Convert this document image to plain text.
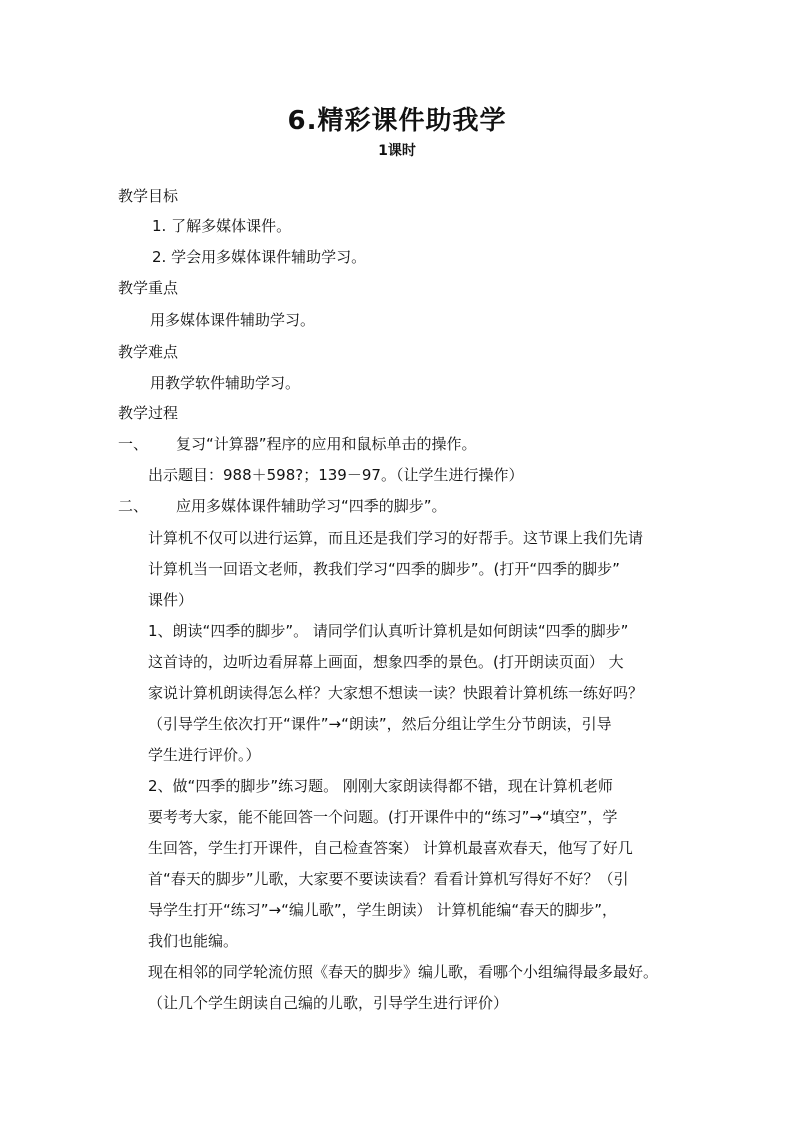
6.精彩课件助我学
1课时
教学目标
1. 了解多媒体课件。
2. 学会用多媒体课件辅助学习。
教学重点
用多媒体课件辅助学习。
教学难点
用教学软件辅助学习。
教学过程
一、 复习“计算器”程序的应用和鼠标单击的操作。
出示题目：988＋598?；139－97。（让学生进行操作）
二、 应用多媒体课件辅助学习“四季的脚步”。
计算机不仅可以进行运算，而且还是我们学习的好帮手。这节课上我们先请
计算机当一回语文老师，教我们学习“四季的脚步”。(打开“四季的脚步”
课件）
1、朗读“四季的脚步”。 请同学们认真听计算机是如何朗读“四季的脚步”
这首诗的，边听边看屏幕上画面，想象四季的景色。(打开朗读页面） 大
家说计算机朗读得怎么样？大家想不想读一读？快跟着计算机练一练好吗？
（引导学生依次打开“课件”→“朗读”，然后分组让学生分节朗读，引导
学生进行评价。）
2、做“四季的脚步”练习题。 刚刚大家朗读得都不错，现在计算机老师
要考考大家，能不能回答一个问题。(打开课件中的“练习”→“填空”，学
生回答，学生打开课件，自己检查答案） 计算机最喜欢春天，他写了好几
首“春天的脚步”儿歌，大家要不要读读看？看看计算机写得好不好？（引
导学生打开“练习”→“编儿歌”，学生朗读） 计算机能编“春天的脚步”，
我们也能编。
现在相邻的同学轮流仿照《春天的脚步》编儿歌，看哪个小组编得最多最好。
（让几个学生朗读自己编的儿歌，引导学生进行评价）
